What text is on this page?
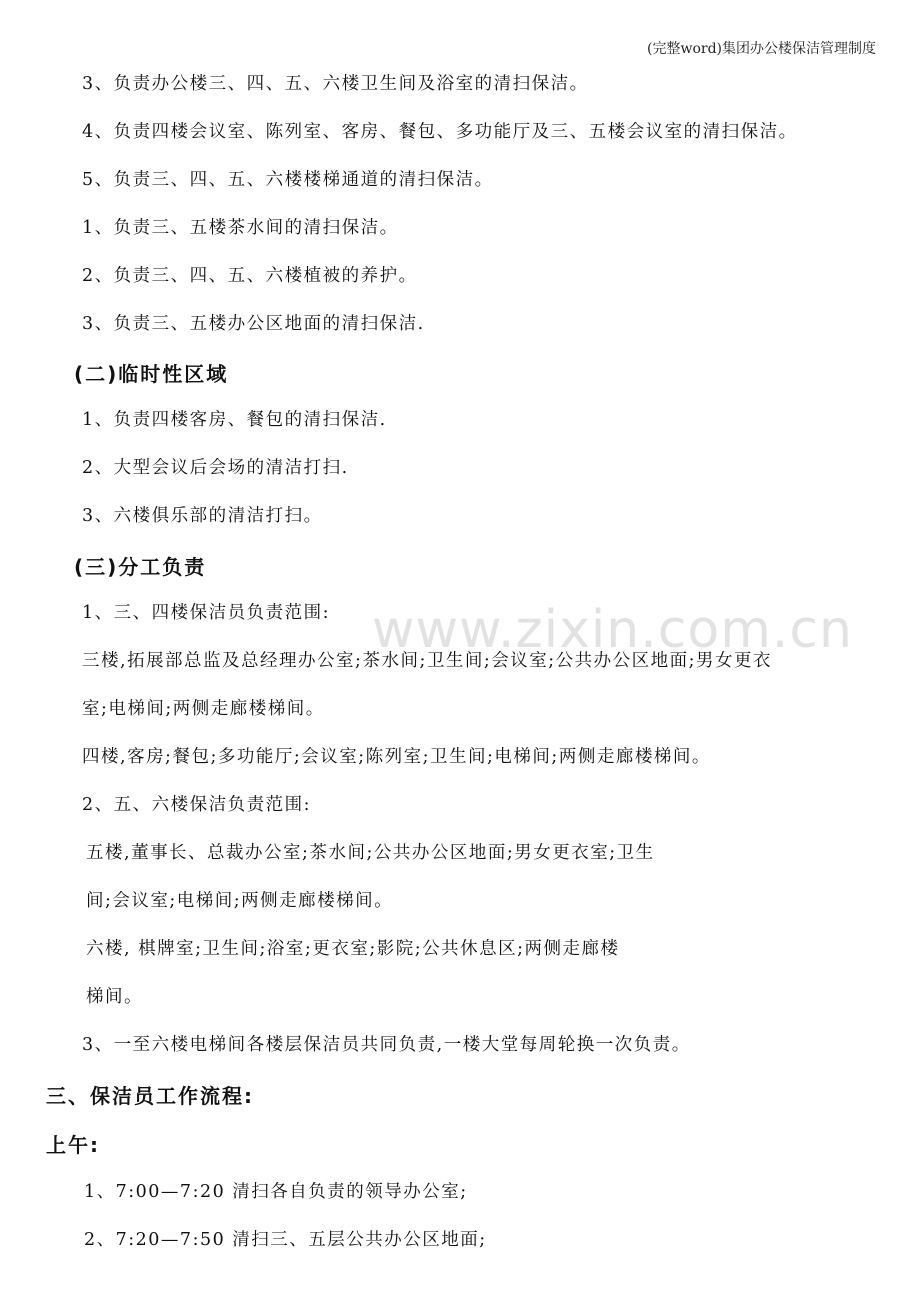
(完整word)集团办公楼保洁管理制度
www.zixin.com.cn
3、负责办公楼三、四、五、六楼卫生间及浴室的清扫保洁。
4、负责四楼会议室、陈列室、客房、餐包、多功能厅及三、五楼会议室的清扫保洁。
5、负责三、四、五、六楼楼梯通道的清扫保洁。
1、负责三、五楼茶水间的清扫保洁。
2、负责三、四、五、六楼植被的养护。
3、负责三、五楼办公区地面的清扫保洁.
(二)临时性区域
1、负责四楼客房、餐包的清扫保洁.
2、大型会议后会场的清洁打扫.
3、六楼俱乐部的清洁打扫。
(三)分工负责
1、三、四楼保洁员负责范围:
三楼,拓展部总监及总经理办公室;茶水间;卫生间;会议室;公共办公区地面;男女更衣
室;电梯间;两侧走廊楼梯间。
四楼,客房;餐包;多功能厅;会议室;陈列室;卫生间;电梯间;两侧走廊楼梯间。
2、五、六楼保洁负责范围:
五楼,董事长、总裁办公室;茶水间;公共办公区地面;男女更衣室;卫生
间;会议室;电梯间;两侧走廊楼梯间。
六楼, 棋牌室;卫生间;浴室;更衣室;影院;公共休息区;两侧走廊楼
梯间。
3、一至六楼电梯间各楼层保洁员共同负责,一楼大堂每周轮换一次负责。
三、保洁员工作流程:
上午:
1、7:00—7:20 清扫各自负责的领导办公室;
2、7:20—7:50 清扫三、五层公共办公区地面;
